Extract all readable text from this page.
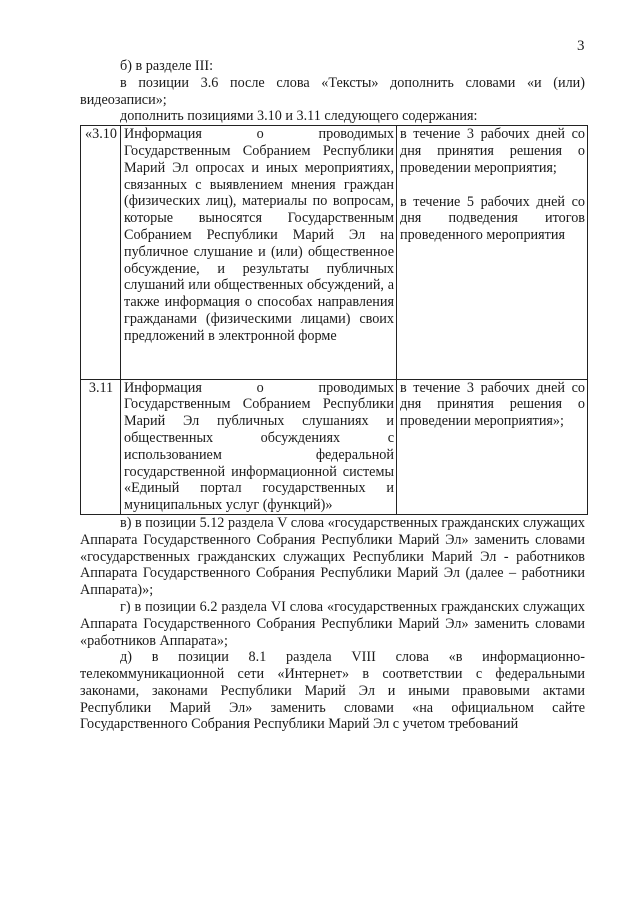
3

б) в разделе III:

в позиции 3.6 после слова «Тексты» дополнить словами «и (или) видеозаписи»;

дополнить позициями 3.10 и 3.11 следующего содержания:

«3.10	Информация о проводимых Государственным Собранием Республики Марий Эл опросах и иных мероприятиях, связанных с выявлением мнения граждан (физических лиц), материалы по вопросам, которые выносятся Государственным Собранием Республики Марий Эл на публичное слушание и (или) общественное обсуждение, и результаты публичных слушаний или общественных обсуждений, а также информация о способах направления гражданами (физическими лицами) своих предложений в электронной форме	в течение 3 рабочих дней со дня принятия решения о проведении мероприятия;
в течение 5 рабочих дней со дня подведения итогов проведенного мероприятия

3.11	Информация о проводимых Государственным Собранием Республики Марий Эл публичных слушаниях и общественных обсуждениях с использованием федеральной государственной информационной системы «Единый портал государственных и муниципальных услуг (функций)»	в течение 3 рабочих дней со дня принятия решения о проведении мероприятия»;

в) в позиции 5.12 раздела V слова «государственных гражданских служащих Аппарата Государственного Собрания Республики Марий Эл» заменить словами «государственных гражданских служащих Республики Марий Эл - работников Аппарата Государственного Собрания Республики Марий Эл (далее – работники Аппарата)»;

г) в позиции 6.2 раздела VI слова «государственных гражданских служащих Аппарата Государственного Собрания Республики Марий Эл» заменить словами «работников Аппарата»;

д) в позиции 8.1 раздела VIII слова «в информационно-телекоммуникационной сети «Интернет» в соответствии с федеральными законами, законами Республики Марий Эл и иными правовыми актами Республики Марий Эл» заменить словами «на официальном сайте Государственного Собрания Республики Марий Эл с учетом требований
